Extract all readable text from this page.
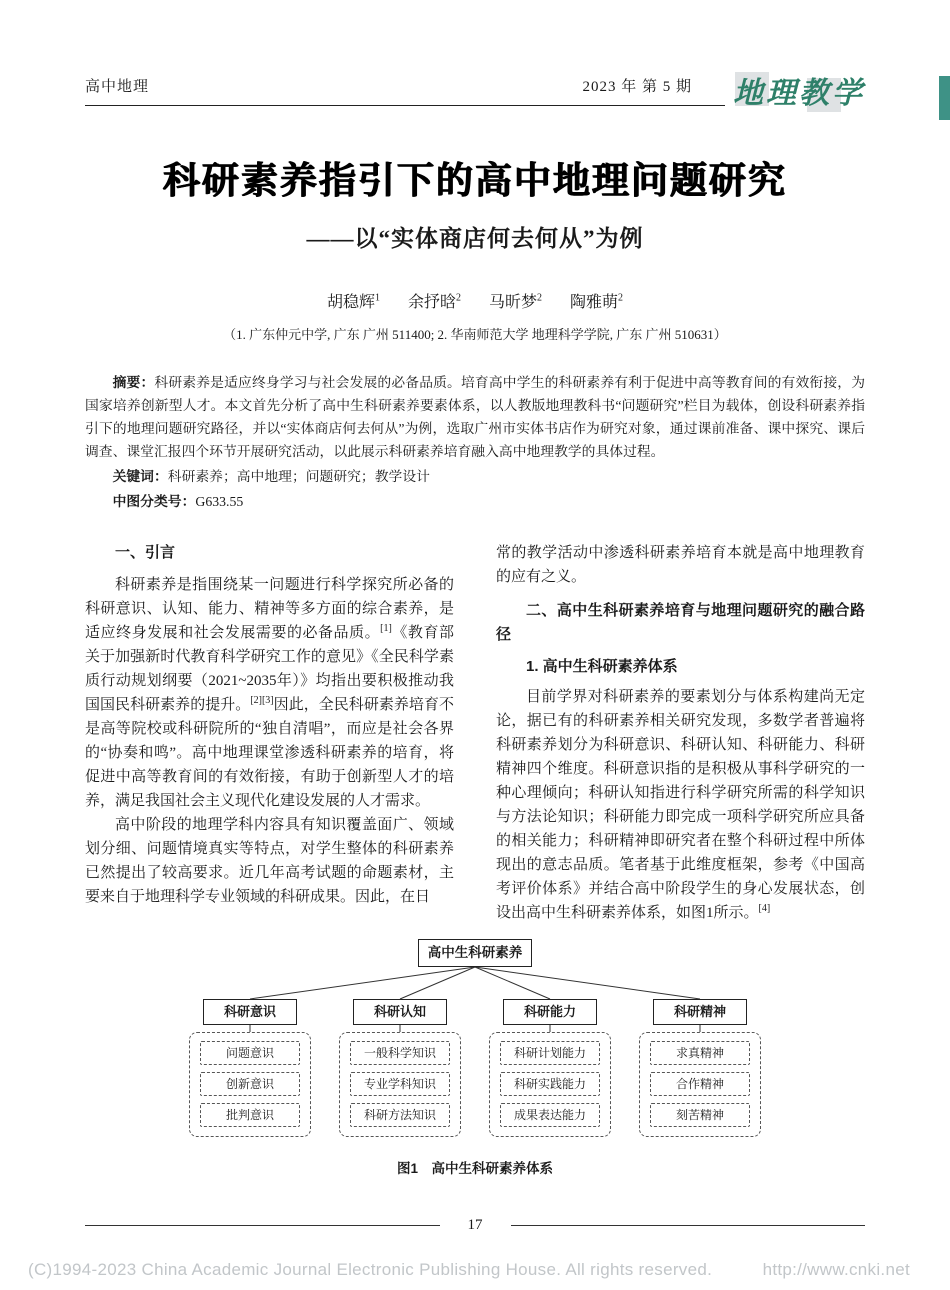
高中地理	2023 年 第 5 期 地理教学
科研素养指引下的高中地理问题研究
——以“实体商店何去何从”为例
胡稳辉$^1$ 余抒晗$^2$ 马昕梦$^2$ 陶雅萌$^2$
（1. 广东仲元中学, 广东 广州 511400; 2. 华南师范大学 地理科学学院, 广东 广州 510631）

摘要：科研素养是适应终身学习与社会发展的必备品质。培育高中学生的科研素养有利于促进中高等教育间的有效衔接，为国家培养创新型人才。本文首先分析了高中生科研素养要素体系，以人教版地理教科书“问题研究”栏目为载体，创设科研素养指引下的地理问题研究路径，并以“实体商店何去何从”为例，选取广州市实体书店作为研究对象，通过课前准备、课中探究、课后调查、课堂汇报四个环节开展研究活动，以此展示科研素养培育融入高中地理教学的具体过程。

关键词：科研素养；高中地理；问题研究；教学设计

中图分类号：G633.55

一、引言

科研素养是指围绕某一问题进行科学探究所必备的科研意识、认知、能力、精神等多方面的综合素养，是适应终身发展和社会发展需要的必备品质。[1]《教育部关于加强新时代教育科学研究工作的意见》《全民科学素质行动规划纲要（2021~2035年）》均指出要积极推动我国国民科研素养的提升。[2][3]因此，全民科研素养培育不是高等院校或科研院所的“独自清唱”，而应是社会各界的“协奏和鸣”。高中地理课堂渗透科研素养的培育，将促进中高等教育间的有效衔接，有助于创新型人才的培养，满足我国社会主义现代化建设发展的人才需求。

高中阶段的地理学科内容具有知识覆盖面广、领域划分细、问题情境真实等特点，对学生整体的科研素养已然提出了较高要求。近几年高考试题的命题素材，主要来自于地理科学专业领域的科研成果。因此，在日

常的教学活动中渗透科研素养培育本就是高中地理教育的应有之义。

二、高中生科研素养培育与地理问题研究的融合路径
1. 高中生科研素养体系

目前学界对科研素养的要素划分与体系构建尚无定论，据已有的科研素养相关研究发现，多数学者普遍将科研素养划分为科研意识、科研认知、科研能力、科研精神四个维度。科研意识指的是积极从事科学研究的一种心理倾向；科研认知指进行科学研究所需的科学知识与方法论知识；科研能力即完成一项科学研究所应具备的相关能力；科研精神即研究者在整个科研过程中所体现出的意志品质。笔者基于此维度框架，参考《中国高考评价体系》并结合高中阶段学生的身心发展状态，创设出高中生科研素养体系，如图1所示。[4]

高中生科研素养
科研意识
问题意识
创新意识
批判意识
科研认知
一般科学知识
专业学科知识
科研方法知识
科研能力
科研计划能力
科研实践能力
成果表达能力
科研精神
求真精神
合作精神
刻苦精神
图1　高中生科研素养体系
17
(C)1994-2023 China Academic Journal Electronic Publishing House. All rights reserved.	http://www.cnki.net
